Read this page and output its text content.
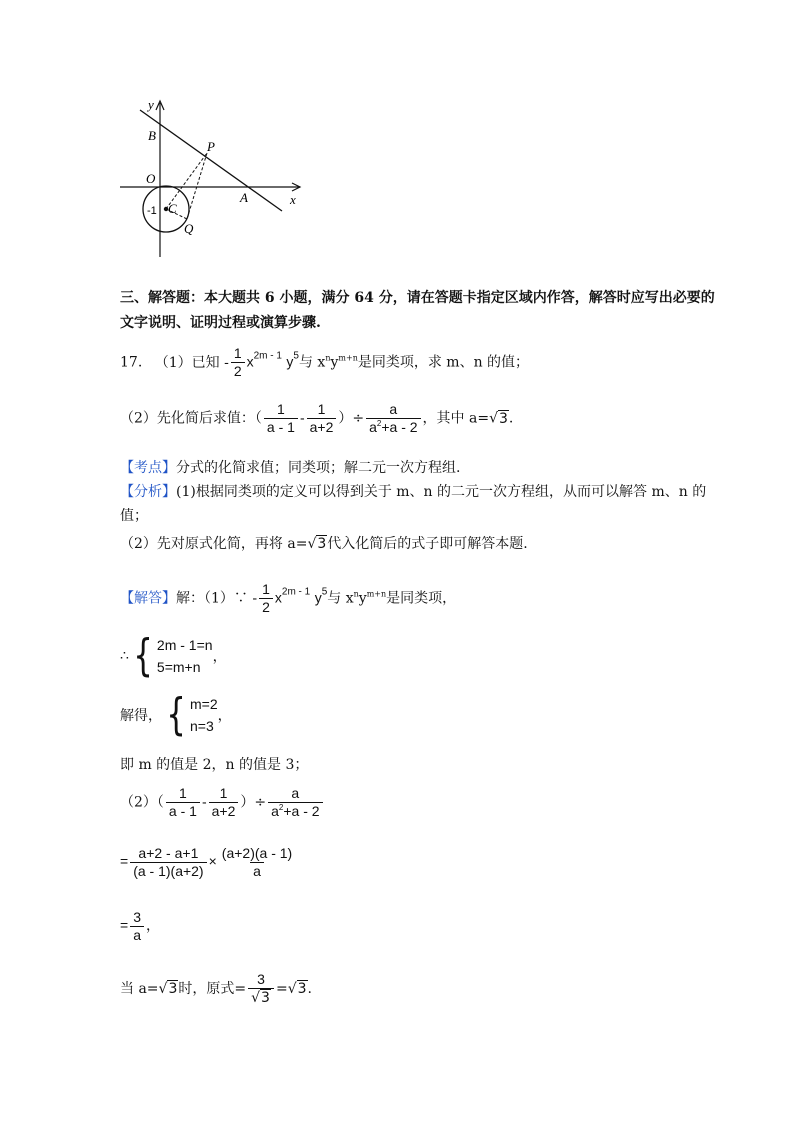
y
B
P
O
A	x
-1 C
Q
三、解答题：本大题共 6 小题，满分 64 分，请在答题卡指定区域内作答，解答时应写出必要的
文字说明、证明过程或演算步骤.
17. （1）已知 - $\frac{1}{2} x^{2m - 1}$ $y^5$与 $x^ny^{m+n}$是同类项，求 m、n 的值；
（2）先化简后求值：（ $\frac{1}{a - 1} - \frac{1}{a+2}$ ）÷ $\frac{a}{a^2+a - 2}$ ，其中 a=√3.
【考点】分式的化简求值；同类项；解二元一次方程组.
【分析】(1)根据同类项的定义可以得到关于 m、n 的二元一次方程组，从而可以解答 m、n 的
值；
（2）先对原式化简，再将 a=√3代入化简后的式子即可解答本题.
【解答】解：（1）∵ - $\frac{1}{2} x^{2m - 1}$ $y^5$与 $x^ny^{m+n}$是同类项，
∴ { 2m - 1=n
5=m+n
，
解得， { m=2
n=3
，
即 m 的值是 2，n 的值是 3；
$(2)( \frac{1}{a - 1} - \frac{1}{a+2}$ ）÷ $\frac{a}{a^2+a - 2}$
= $\frac{a+2 - a+1}{(a - 1)(a+2)} \times \frac{(a+2)(a - 1)}{a}$
= $\frac{3}{a}$ ，
当 a=√3时，原式= $\frac{3}{√3} =√3$.
